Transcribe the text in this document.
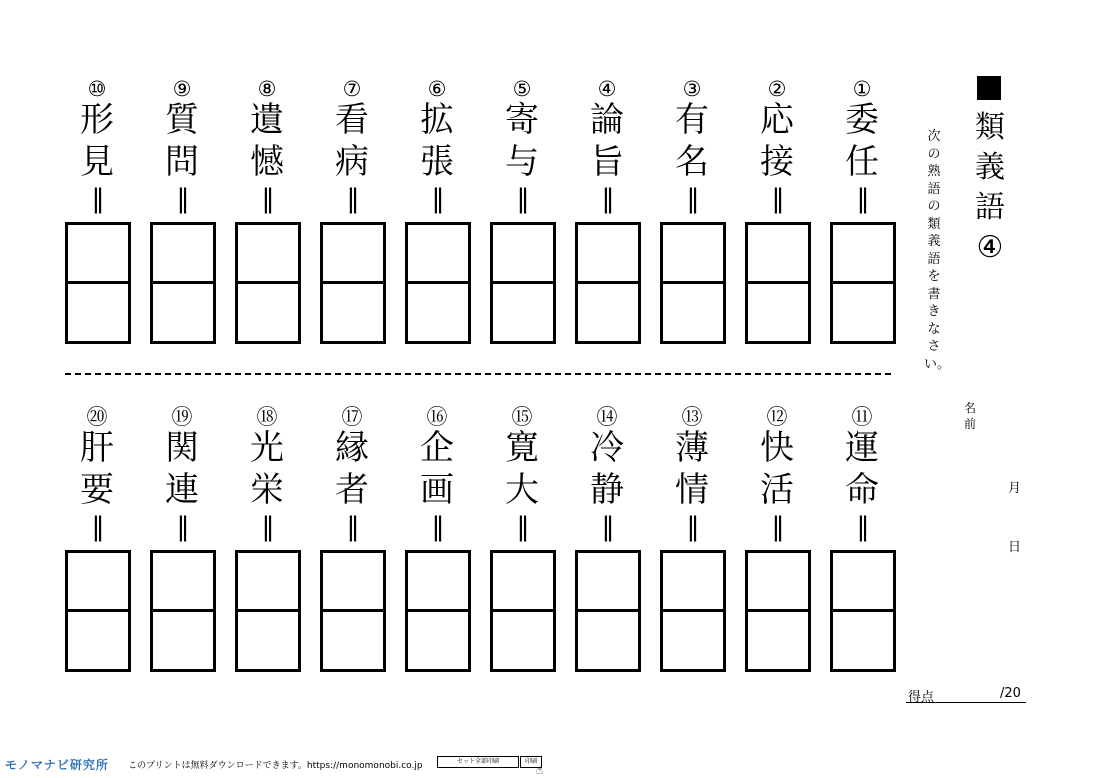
類
義
語
④
次の熟語の類義語を書きなさい。
名前
月
日
得点	/20
⑩
形
見
‖
⑨
質
問
‖
⑧
遺
憾
‖
⑦
看
病
‖
⑥
拡
張
‖
⑤
寄
与
‖
④
論
旨
‖
③
有
名
‖
②
応
接
‖
①
委
任
‖
⑳
肝
要
‖
⑲
関
連
‖
⑱
光
栄
‖
⑰
縁
者
‖
⑯
企
画
‖
⑮
寛
大
‖
⑭
冷
静
‖
⑬
薄
情
‖
⑫
快
活
‖
⑪
運
命
‖
モノマナビ研究所 このプリントは無料ダウンロードできます。https://monomonobi.co.jp	セット全部印刷	印刷
☝
